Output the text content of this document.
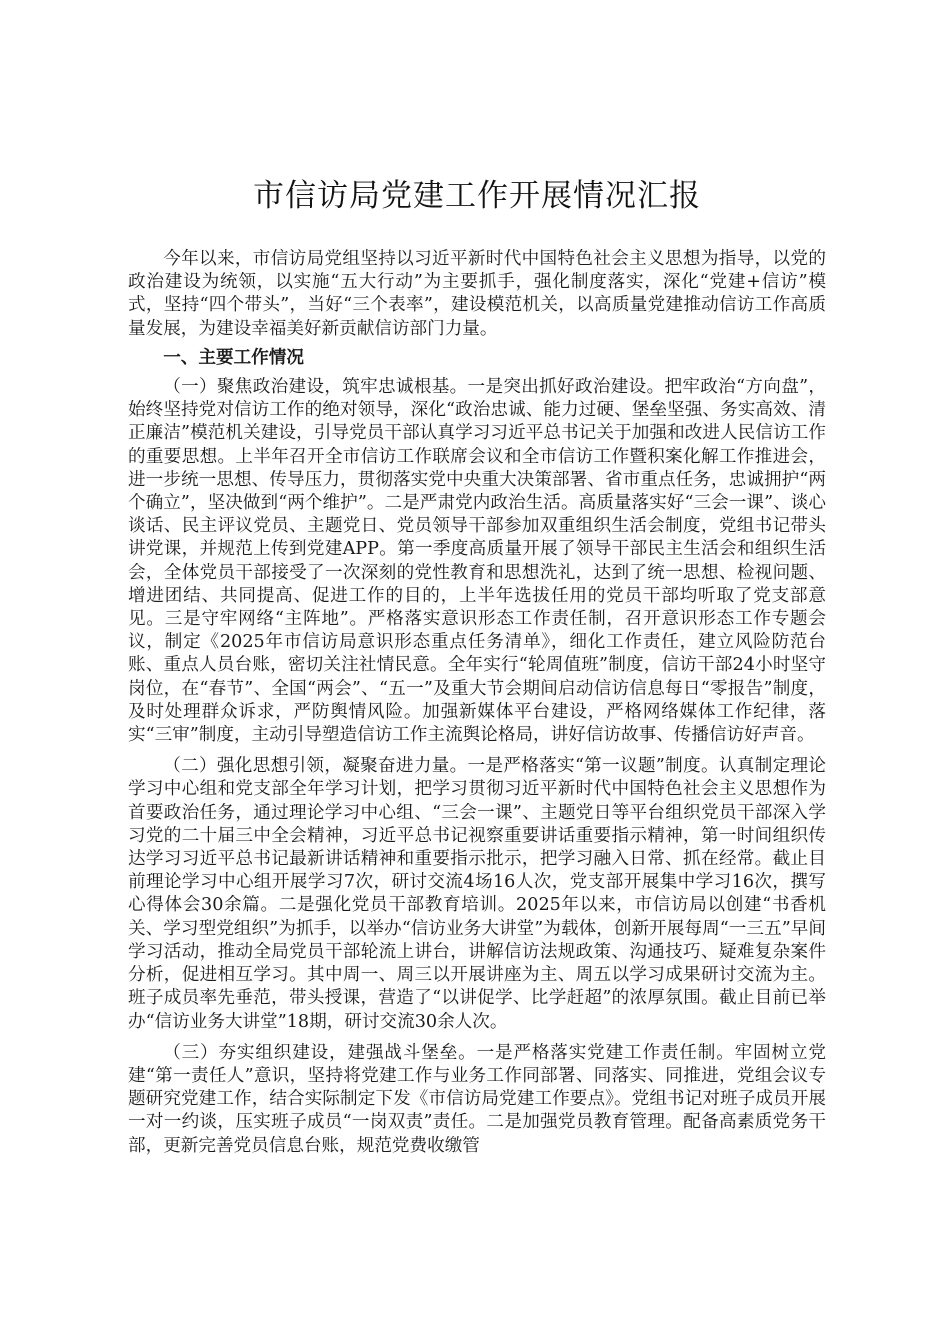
市信访局党建工作开展情况汇报

今年以来，市信访局党组坚持以习近平新时代中国特色社会主义思想为指导，以党的政治建设为统领，以实施“五大行动”为主要抓手，强化制度落实，深化“党建+信访”模式，坚持“四个带头”，当好“三个表率”，建设模范机关，以高质量党建推动信访工作高质量发展，为建设幸福美好新贡献信访部门力量。

一、主要工作情况

（一）聚焦政治建设，筑牢忠诚根基。一是突出抓好政治建设。把牢政治“方向盘”，始终坚持党对信访工作的绝对领导，深化“政治忠诚、能力过硬、堡垒坚强、务实高效、清正廉洁”模范机关建设，引导党员干部认真学习习近平总书记关于加强和改进人民信访工作的重要思想。上半年召开全市信访工作联席会议和全市信访工作暨积案化解工作推进会，进一步统一思想、传导压力，贯彻落实党中央重大决策部署、省市重点任务，忠诚拥护“两个确立”，坚决做到“两个维护”。二是严肃党内政治生活。高质量落实好“三会一课”、谈心谈话、民主评议党员、主题党日、党员领导干部参加双重组织生活会制度，党组书记带头讲党课，并规范上传到党建APP。第一季度高质量开展了领导干部民主生活会和组织生活会，全体党员干部接受了一次深刻的党性教育和思想洗礼，达到了统一思想、检视问题、增进团结、共同提高、促进工作的目的，上半年选拔任用的党员干部均听取了党支部意见。三是守牢网络“主阵地”。严格落实意识形态工作责任制，召开意识形态工作专题会议，制定《2025年市信访局意识形态重点任务清单》，细化工作责任，建立风险防范台账、重点人员台账，密切关注社情民意。全年实行“轮周值班”制度，信访干部24小时坚守岗位，在“春节”、全国“两会”、“五一”及重大节会期间启动信访信息每日“零报告”制度，及时处理群众诉求，严防舆情风险。加强新媒体平台建设，严格网络媒体工作纪律，落实“三审”制度，主动引导塑造信访工作主流舆论格局，讲好信访故事、传播信访好声音。

（二）强化思想引领，凝聚奋进力量。一是严格落实“第一议题”制度。认真制定理论学习中心组和党支部全年学习计划，把学习贯彻习近平新时代中国特色社会主义思想作为首要政治任务，通过理论学习中心组、“三会一课”、主题党日等平台组织党员干部深入学习党的二十届三中全会精神，习近平总书记视察重要讲话重要指示精神，第一时间组织传达学习习近平总书记最新讲话精神和重要指示批示，把学习融入日常、抓在经常。截止目前理论学习中心组开展学习7次，研讨交流4场16人次，党支部开展集中学习16次，撰写心得体会30余篇。二是强化党员干部教育培训。2025年以来，市信访局以创建“书香机关、学习型党组织”为抓手，以举办“信访业务大讲堂”为载体，创新开展每周“一三五”早间学习活动，推动全局党员干部轮流上讲台，讲解信访法规政策、沟通技巧、疑难复杂案件分析，促进相互学习。其中周一、周三以开展讲座为主、周五以学习成果研讨交流为主。班子成员率先垂范，带头授课，营造了“以讲促学、比学赶超”的浓厚氛围。截止目前已举办“信访业务大讲堂”18期，研讨交流30余人次。

（三）夯实组织建设，建强战斗堡垒。一是严格落实党建工作责任制。牢固树立党建“第一责任人”意识，坚持将党建工作与业务工作同部署、同落实、同推进，党组会议专题研究党建工作，结合实际制定下发《市信访局党建工作要点》。党组书记对班子成员开展一对一约谈，压实班子成员“一岗双责”责任。二是加强党员教育管理。配备高素质党务干部，更新完善党员信息台账，规范党费收缴管
